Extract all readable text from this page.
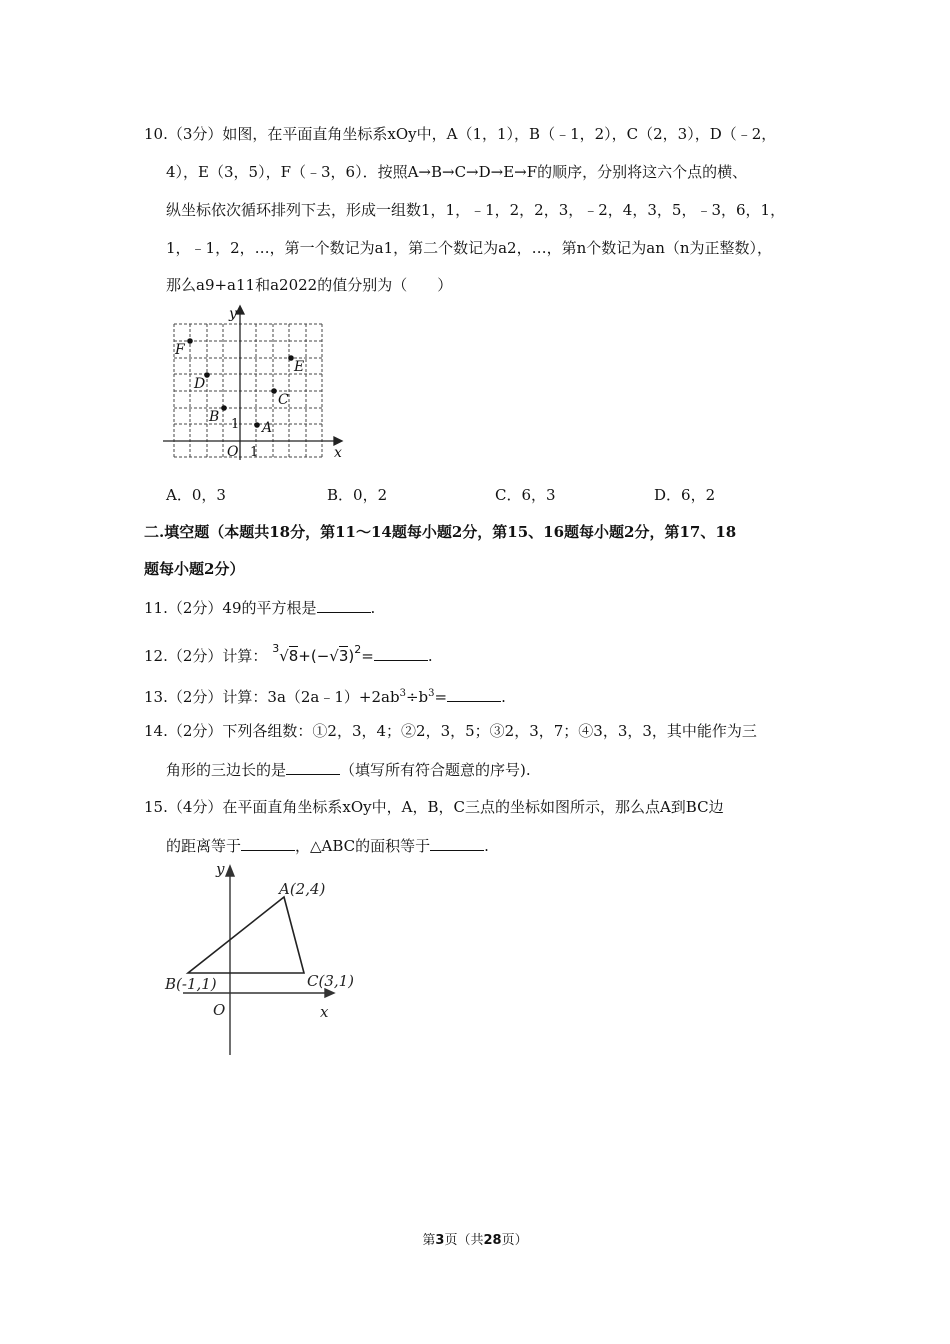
10.（3分）如图，在平面直角坐标系xOy中，A（1，1），B（﹣1，2），C（2，3），D（﹣2，
4），E（3，5），F（﹣3，6）．按照A→B→C→D→E→F的顺序，分别将这六个点的横、
纵坐标依次循环排列下去，形成一组数1，1，﹣1，2，2，3，﹣2，4，3，5，﹣3，6，1，
1，﹣1，2，…，第一个数记为a1，第二个数记为a2，…，第n个数记为an（n为正整数），
那么a9+a11和a2022的值分别为（　　）
A
B
C
D
E
F
x
y
O 1
1
A．0，3	B．0，2	C．6，3	D．6，2
二.填空题（本题共18分，第11～14题每小题2分，第15、16题每小题2分，第17、18
题每小题2分）
11.（2分）49的平方根是	.
12.（2分）计算： $^3√8+(-√3)^2=$	.
13.（2分）计算：$3a(2a﹣1)+2ab^3\div b^3=$	.
14.（2分）下列各组数：①2，3，4；②2，3，5；③2，3，7；④3，3，3，其中能作为三
角形的三边长的是	（填写所有符合题意的序号).
15.（4分）在平面直角坐标系xOy中，A，B，C三点的坐标如图所示，那么点A到BC边
的距离等于	，△ABC的面积等于	.
A(2,4)
B(-1,1)	C(3,1)
O	x
y
第3页（共28页）
